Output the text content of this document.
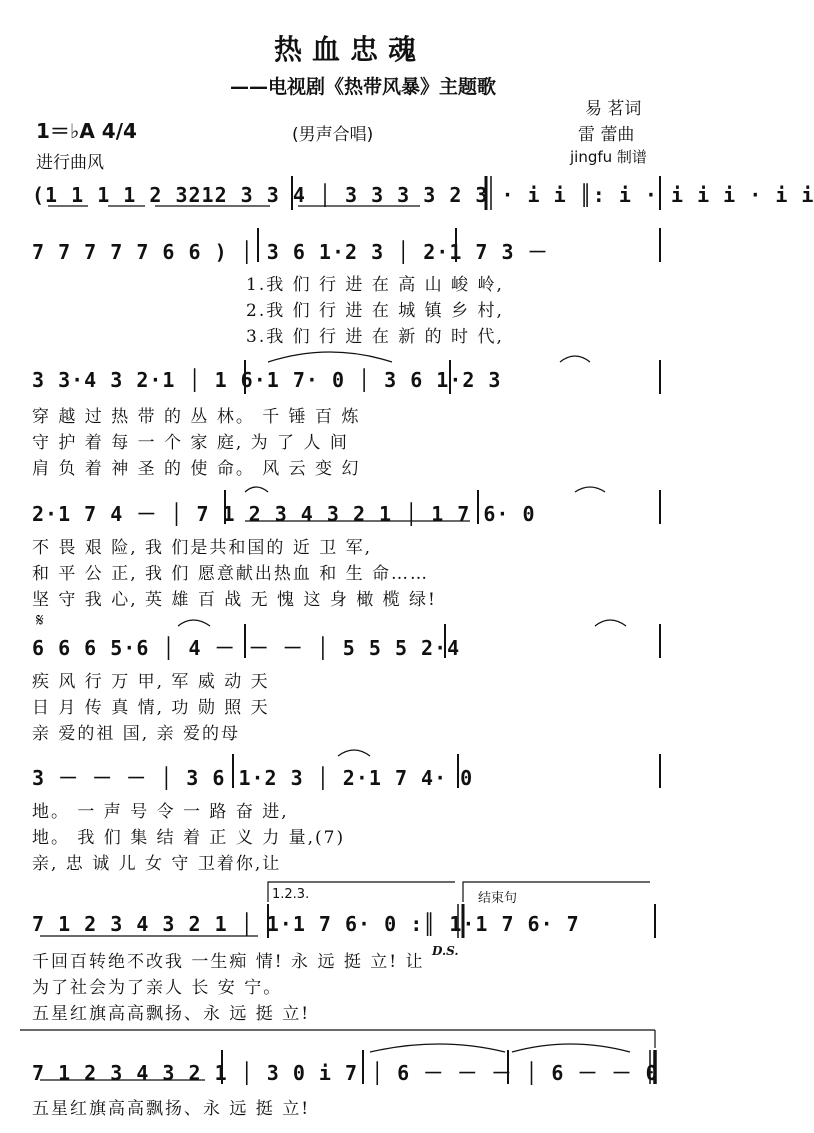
热血忠魂
——电视剧《热带风暴》主题歌
易 茗词
雷 蕾曲
jingfu 制谱
1＝♭A 4/4	(男声合唱)
进行曲风
(1 1 1 1 2 3212 3 3 4 │ 3 3 3 3 2 3 · i i ║: i · i i i · i i
7 7 7 7 7 6 6 ) │ 3 6 1·2 3 │ 2·1 7 3 －
1.我 们 行 进 在 高 山 峻 岭,
2.我 们 行 进 在 城 镇 乡 村,
3.我 们 行 进 在 新 的 时 代,
3 3·4 3 2·1 │ 1 6·1 7· 0 │ 3 6 1·2 3
穿 越 过 热 带 的 丛 林。 千 锤 百 炼
守 护 着 每 一 个 家 庭, 为 了 人 间
肩 负 着 神 圣 的 使 命。 风 云 变 幻
2·1 7 4 － │ 7 1 2 3 4 3 2 1 │ 1 7 6· 0
不 畏 艰 险, 我 们是共和国的 近 卫 军,
和 平 公 正, 我 们 愿意献出热血 和 生 命……
坚 守 我 心, 英 雄 百 战 无 愧 这 身 橄 榄 绿!
𝄋
6 6 6 5·6 │ 4 － － － │ 5 5 5 2·4
疾 风 行 万 甲, 军 威 动 天
日 月 传 真 情, 功 勋 照 天
亲 爱的祖 国, 亲 爱的母
3 － － － │ 3 6 1·2 3 │ 2·1 7 4· 0
地。 一 声 号 令 一 路 奋 进,
地。 我 们 集 结 着 正 义 力 量,(7)
亲, 忠 诚 儿 女 守 卫着你,让
1.2.3.	结束句
7 1 2 3 4 3 2 1 │ 1·1 7 6· 0 :║ 1·1 7 6· 7
千回百转绝不改我 一生痴 情! 永 远 挺 立! 让
D.S.
为了社会为了亲人 长 安 宁。
五星红旗高高飘扬、永 远 挺 立!
7 1 2 3 4 3 2 1 │ 3 0 i 7 │ 6 － － － │ 6 － － 0
五星红旗高高飘扬、永 远 挺 立!
